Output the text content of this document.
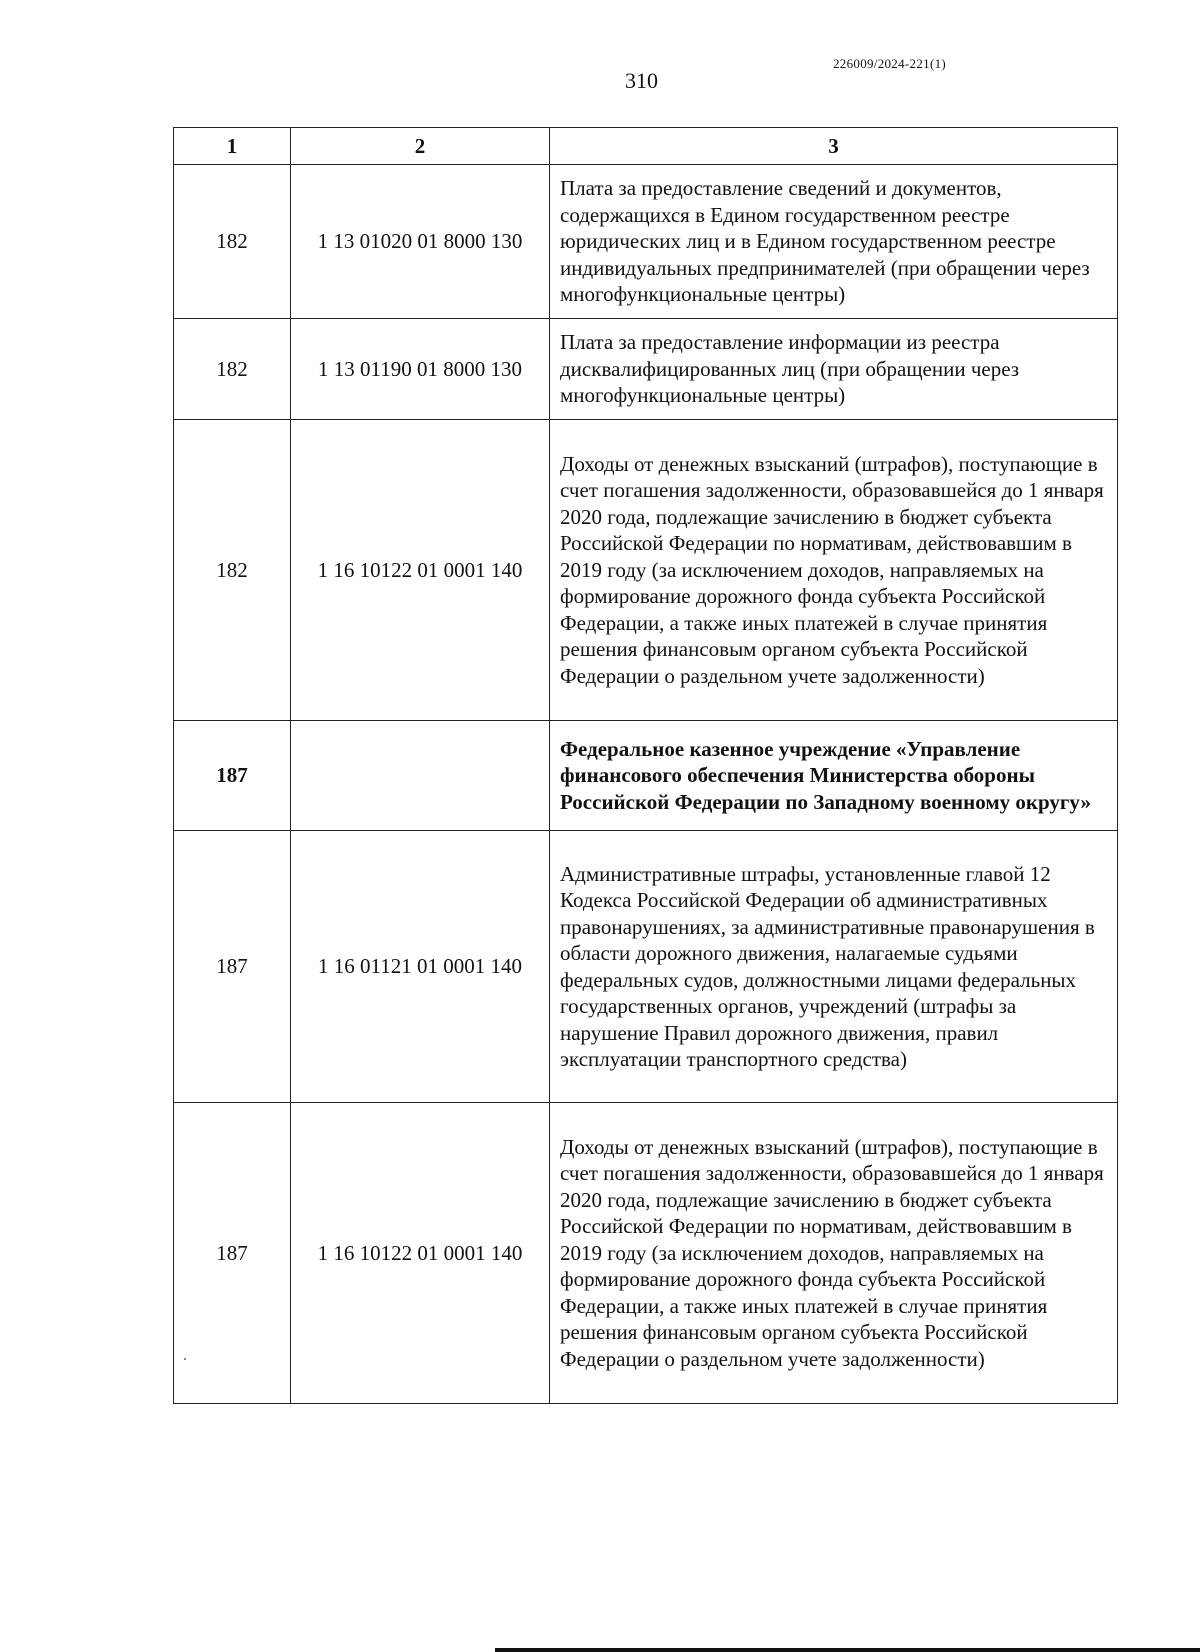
226009/2024-221(1)
310
1	2	3
182	1 13 01020 01 8000 130	Плата за предоставление сведений и документов, содержащихся в Едином государственном реестре юридических лиц и в Едином государственном реестре индивидуальных предпринимателей (при обращении через многофункциональные центры)
182	1 13 01190 01 8000 130	Плата за предоставление информации из реестра дисквалифицированных лиц (при обращении через многофункциональные центры)
182	1 16 10122 01 0001 140	Доходы от денежных взысканий (штрафов), поступающие в счет погашения задолженности, образовавшейся до 1 января 2020 года, подлежащие зачислению в бюджет субъекта Российской Федерации по нормативам, действовавшим в 2019 году (за исключением доходов, направляемых на формирование дорожного фонда субъекта Российской Федерации, а также иных платежей в случае принятия решения финансовым органом субъекта Российской Федерации о раздельном учете задолженности)
187		Федеральное казенное учреждение «Управление финансового обеспечения Министерства обороны Российской Федерации по Западному военному округу»
187	1 16 01121 01 0001 140	Административные штрафы, установленные главой 12 Кодекса Российской Федерации об административных правонарушениях, за административные правонарушения в области дорожного движения, налагаемые судьями федеральных судов, должностными лицами федеральных государственных органов, учреждений (штрафы за нарушение Правил дорожного движения, правил эксплуатации транспортного средства)
187	1 16 10122 01 0001 140	Доходы от денежных взысканий (штрафов), поступающие в счет погашения задолженности, образовавшейся до 1 января 2020 года, подлежащие зачислению в бюджет субъекта Российской Федерации по нормативам, действовавшим в 2019 году (за исключением доходов, направляемых на формирование дорожного фонда субъекта Российской Федерации, а также иных платежей в случае принятия решения финансовым органом субъекта Российской Федерации о раздельном учете задолженности)
